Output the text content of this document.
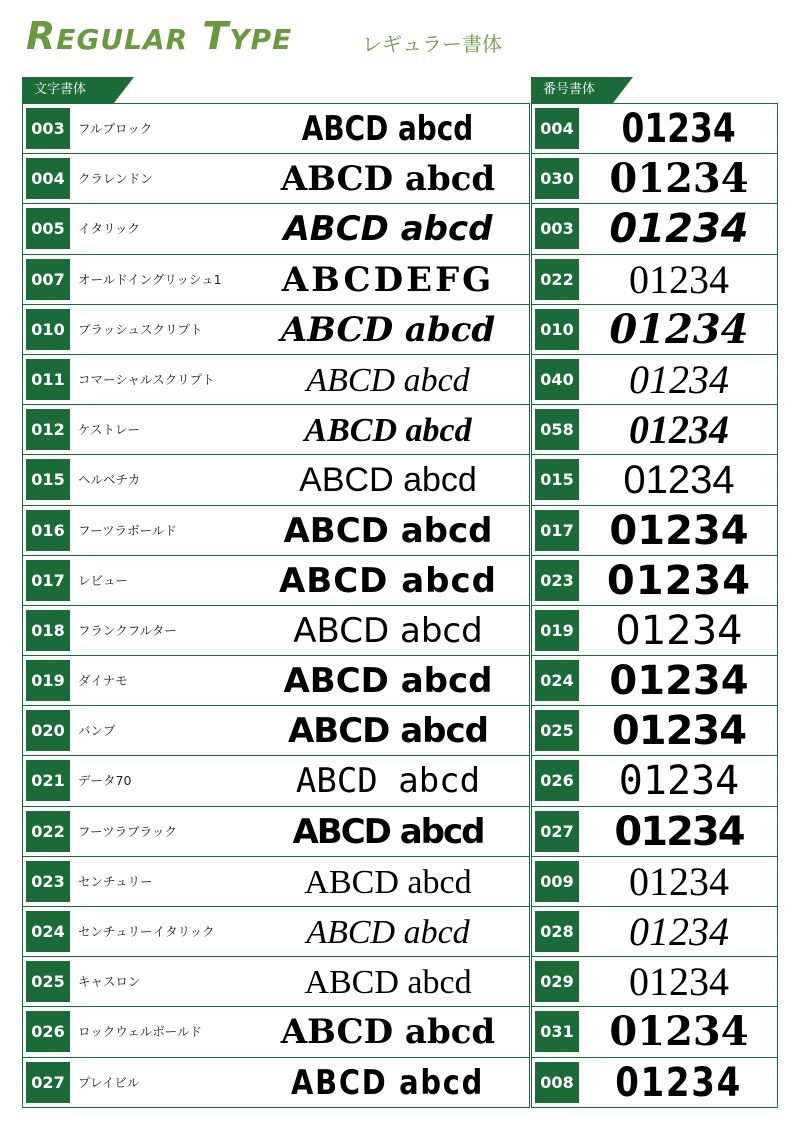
REGULAR TYPE	レギュラー書体
文字書体	番号書体
003	フルブロック	ABCD abcd
004	クラレンドン	ABCD abcd
005	イタリック	ABCD abcd
007	オールドイングリッシュ1	ABCDEFG
010	ブラッシュスクリプト	ABCD abcd
011	コマーシャルスクリプト	ABCD abcd
012	ケストレー	ABCD abcd
015	ヘルベチカ	ABCD abcd
016	フーツラボールド	ABCD abcd
017	レビュー	ABCD abcd
018	フランクフルター	ABCD abcd
019	ダイナモ	ABCD abcd
020	バンプ	ABCD abcd
021	データ70	ABCD abcd
022	フーツラブラック	ABCD abcd
023	センチュリー	ABCD abcd
024	センチュリーイタリック	ABCD abcd
025	キャスロン	ABCD abcd
026	ロックウェルボールド	ABCD abcd
027	プレイビル	ABCD abcd
004	01234
030 01234
003 01234
022	01234
010 01234
040	01234
058	01234
015	01234
017 01234
023 01234
019	01234
024 01234
025 01234
026	01234
027	01234
009	01234
028	01234
029	01234
031 01234
008	01234
